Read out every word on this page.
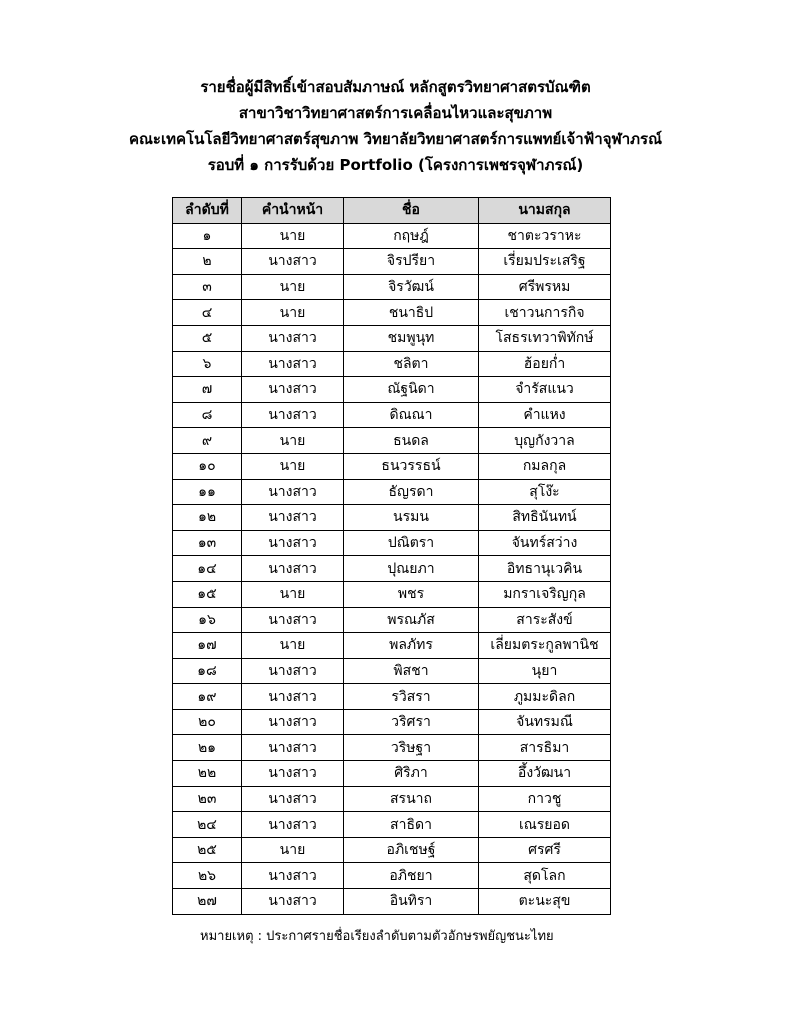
รายชื่อผู้มีสิทธิ์เข้าสอบสัมภาษณ์ หลักสูตรวิทยาศาสตรบัณฑิต
สาขาวิชาวิทยาศาสตร์การเคลื่อนไหวและสุขภาพ
คณะเทคโนโลยีวิทยาศาสตร์สุขภาพ วิทยาลัยวิทยาศาสตร์การแพทย์เจ้าฟ้าจุฬาภรณ์
รอบที่ ๑ การรับด้วย Portfolio (โครงการเพชรจุฬาภรณ์)
ลำดับที่	คำนำหน้า	ชื่อ	นามสกุล
๑	นาย	กฤษฎ์	ชาตะวราหะ
๒	นางสาว	จิรปรียา	เรี่ยมประเสริฐ
๓	นาย	จิรวัฒน์	ศรีพรหม
๔	นาย	ชนาธิป	เชาวนการกิจ
๕	นางสาว	ชมพูนุท	โสธรเทวาพิทักษ์
๖	นางสาว	ชลิตา	ฮ้อยก่ำ
๗	นางสาว	ณัฐนิดา	จำรัสแนว
๘	นางสาว	ดิณณา	คำแหง
๙	นาย	ธนดล	บุญกังวาล
๑๐	นาย	ธนวรรธน์	กมลกุล
๑๑	นางสาว	ธัญรดา	สุโง๊ะ
๑๒	นางสาว	นรมน	สิทธินันทน์
๑๓	นางสาว	ปณิตรา	จันทร์สว่าง
๑๔	นางสาว	ปุณยภา	อิทธานุเวคิน
๑๕	นาย	พชร	มกราเจริญกุล
๑๖	นางสาว	พรณภัส	สาระสังข์
๑๗	นาย	พลภัทร	เลี่ยมตระกูลพานิช
๑๘	นางสาว	พิสชา	นุยา
๑๙	นางสาว	รวิสรา	ภูมมะดิลก
๒๐	นางสาว	วริศรา	จันทรมณี
๒๑	นางสาว	วริษฐา	สารธิมา
๒๒	นางสาว	ศิริภา	อึ้งวัฒนา
๒๓	นางสาว	สรนาถ	กาวชู
๒๔	นางสาว	สาธิดา	เณรยอด
๒๕	นาย	อภิเชษฐ์	ศรศรี
๒๖	นางสาว	อภิชยา	สุดโลก
๒๗	นางสาว	อินทิรา	ตะนะสุข
หมายเหตุ : ประกาศรายชื่อเรียงลำดับตามตัวอักษรพยัญชนะไทย
